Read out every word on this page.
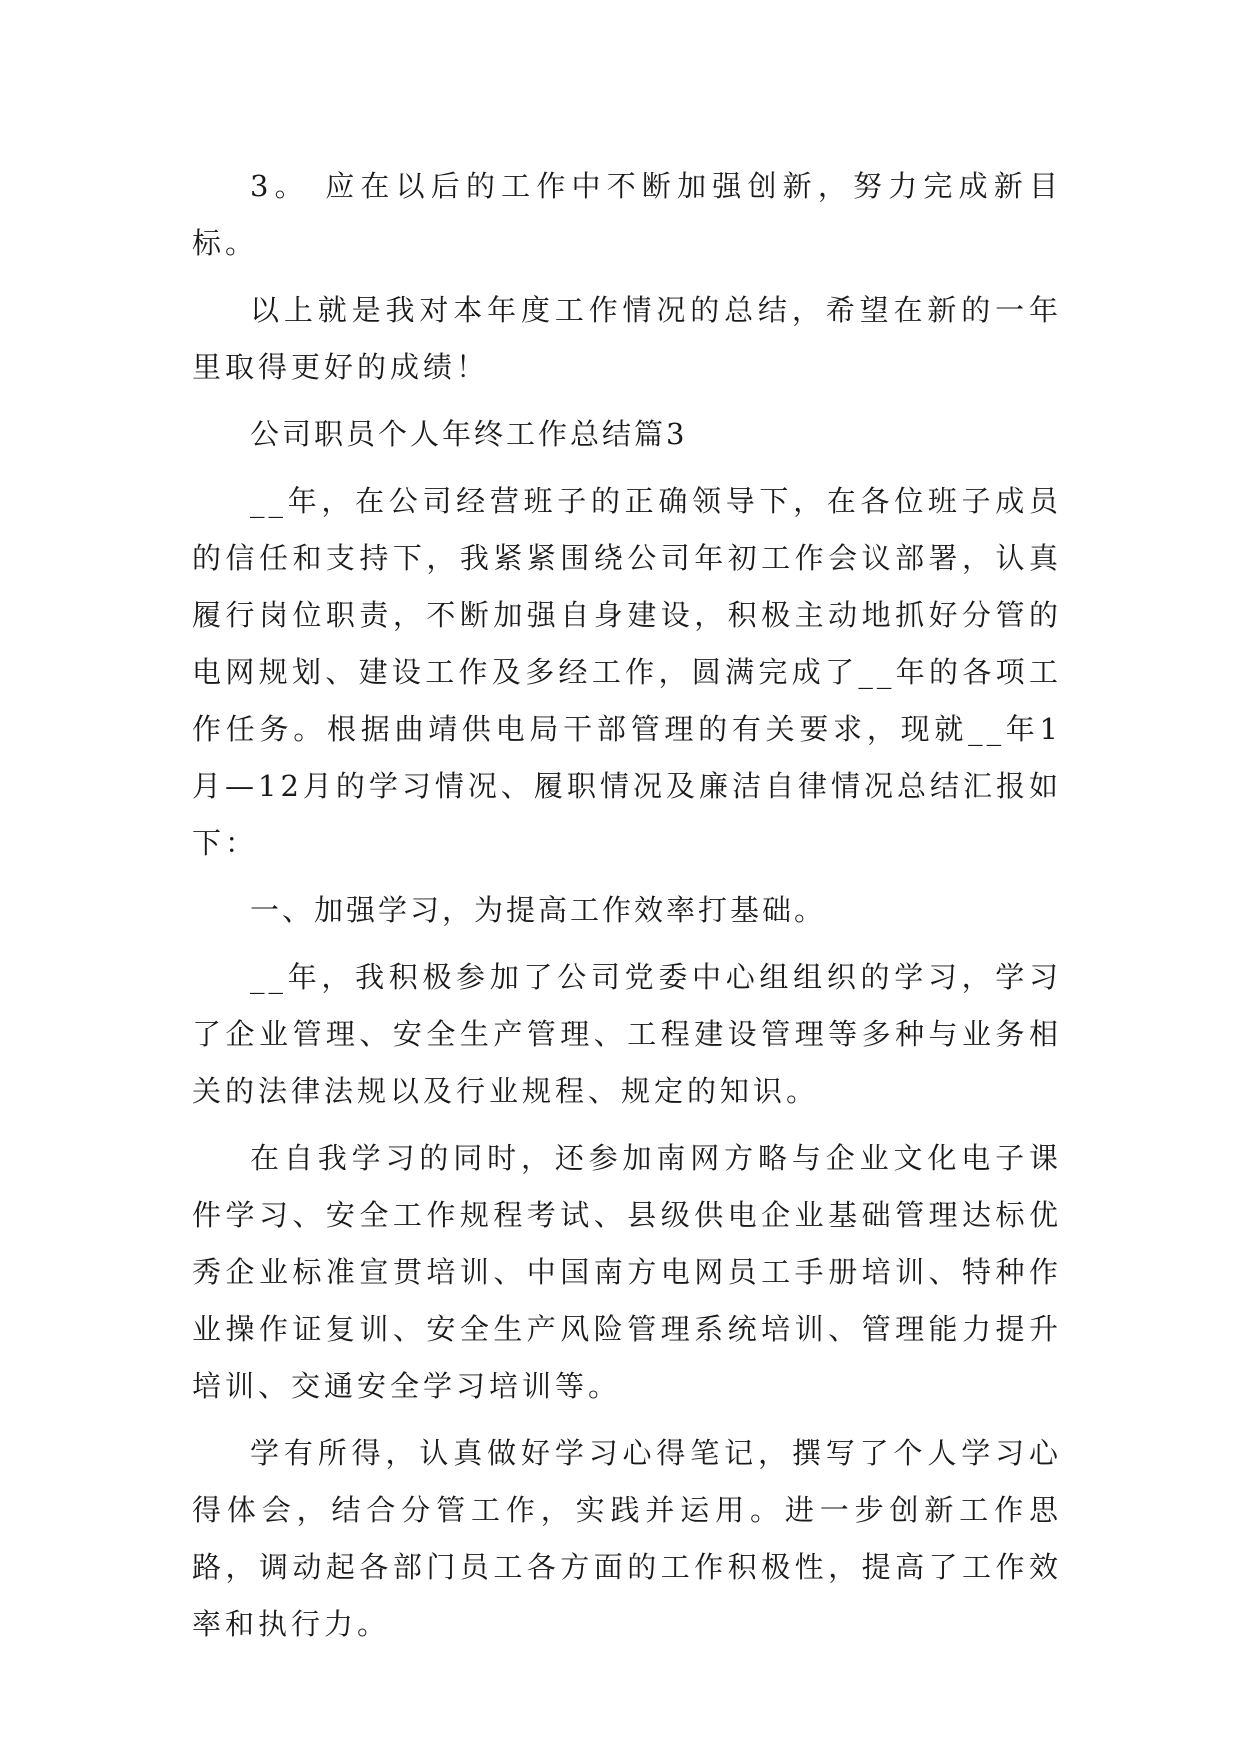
3。 应在以后的工作中不断加强创新，努力完成新目标。

以上就是我对本年度工作情况的总结，希望在新的一年里取得更好的成绩！

公司职员个人年终工作总结篇3

__年，在公司经营班子的正确领导下，在各位班子成员的信任和支持下，我紧紧围绕公司年初工作会议部署，认真履行岗位职责，不断加强自身建设，积极主动地抓好分管的电网规划、建设工作及多经工作，圆满完成了__年的各项工作任务。根据曲靖供电局干部管理的有关要求，现就__年1月—12月的学习情况、履职情况及廉洁自律情况总结汇报如下：

一、加强学习，为提高工作效率打基础。

__年，我积极参加了公司党委中心组组织的学习，学习了企业管理、安全生产管理、工程建设管理等多种与业务相关的法律法规以及行业规程、规定的知识。

在自我学习的同时，还参加南网方略与企业文化电子课件学习、安全工作规程考试、县级供电企业基础管理达标优秀企业标准宣贯培训、中国南方电网员工手册培训、特种作业操作证复训、安全生产风险管理系统培训、管理能力提升培训、交通安全学习培训等。

学有所得，认真做好学习心得笔记，撰写了个人学习心得体会，结合分管工作，实践并运用。进一步创新工作思路，调动起各部门员工各方面的工作积极性，提高了工作效率和执行力。
